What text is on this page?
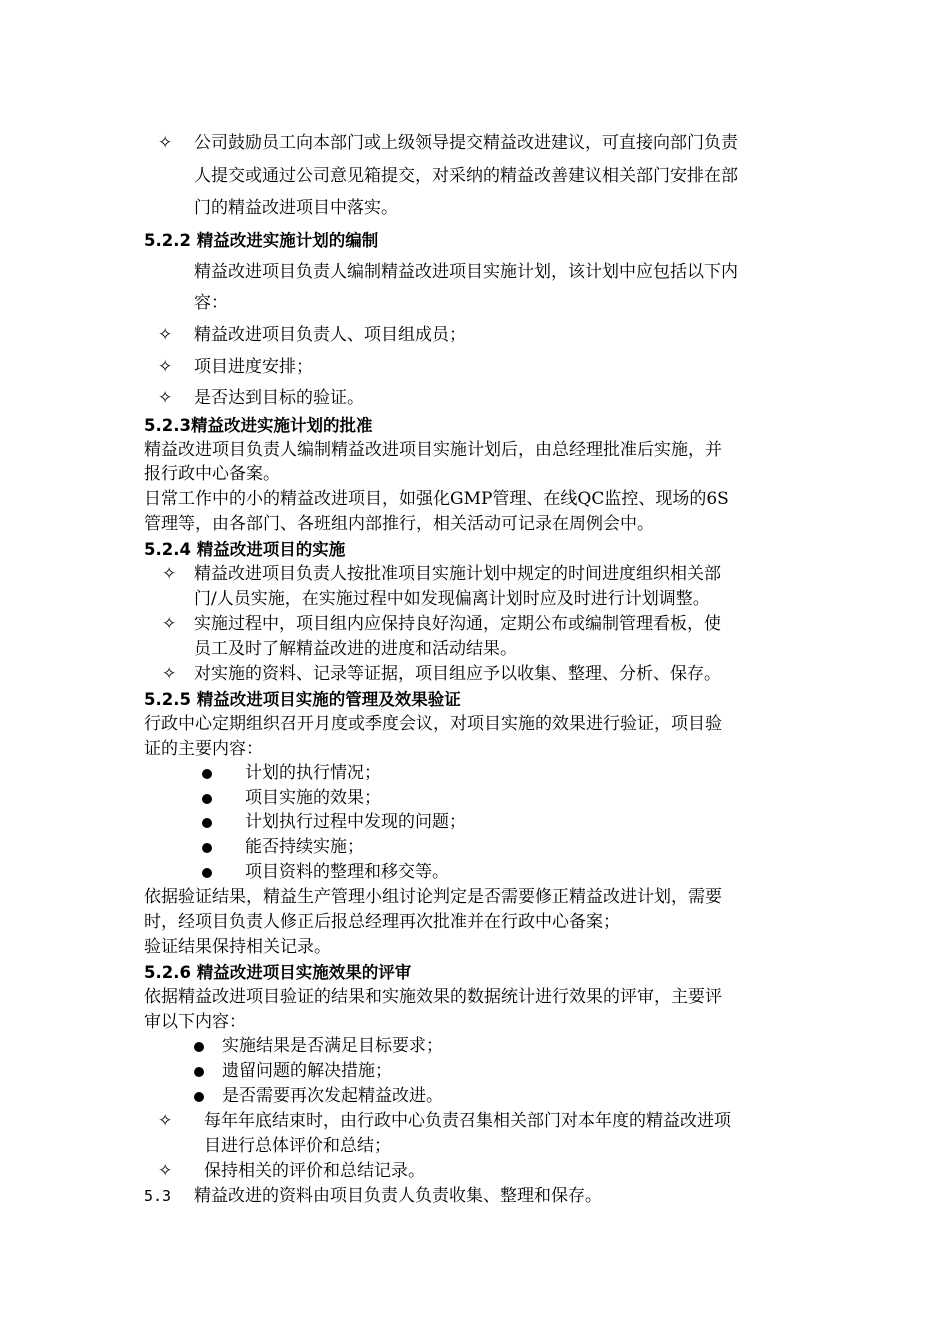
✧ 公司鼓励员工向本部门或上级领导提交精益改进建议，可直接向部门负责
人提交或通过公司意见箱提交，对采纳的精益改善建议相关部门安排在部
门的精益改进项目中落实。
5.2.2 精益改进实施计划的编制
精益改进项目负责人编制精益改进项目实施计划，该计划中应包括以下内
容：
✧ 精益改进项目负责人、项目组成员；
✧ 项目进度安排；
✧ 是否达到目标的验证。
5.2.3精益改进实施计划的批准
精益改进项目负责人编制精益改进项目实施计划后，由总经理批准后实施，并
报行政中心备案。
日常工作中的小的精益改进项目，如强化GMP管理、在线QC监控、现场的6S
管理等，由各部门、各班组内部推行，相关活动可记录在周例会中。
5.2.4 精益改进项目的实施
✧ 精益改进项目负责人按批准项目实施计划中规定的时间进度组织相关部
门/人员实施，在实施过程中如发现偏离计划时应及时进行计划调整。
✧ 实施过程中，项目组内应保持良好沟通，定期公布或编制管理看板，使
员工及时了解精益改进的进度和活动结果。
✧ 对实施的资料、记录等证据，项目组应予以收集、整理、分析、保存。
5.2.5 精益改进项目实施的管理及效果验证
行政中心定期组织召开月度或季度会议，对项目实施的效果进行验证，项目验
证的主要内容：
计划的执行情况；
项目实施的效果；
计划执行过程中发现的问题；
能否持续实施；
项目资料的整理和移交等。
依据验证结果，精益生产管理小组讨论判定是否需要修正精益改进计划，需要
时，经项目负责人修正后报总经理再次批准并在行政中心备案；
验证结果保持相关记录。
5.2.6 精益改进项目实施效果的评审
依据精益改进项目验证的结果和实施效果的数据统计进行效果的评审，主要评
审以下内容：
实施结果是否满足目标要求；
遗留问题的解决措施；
是否需要再次发起精益改进。
✧ 每年年底结束时，由行政中心负责召集相关部门对本年度的精益改进项
目进行总体评价和总结；
✧ 保持相关的评价和总结记录。
5.3 精益改进的资料由项目负责人负责收集、整理和保存。
